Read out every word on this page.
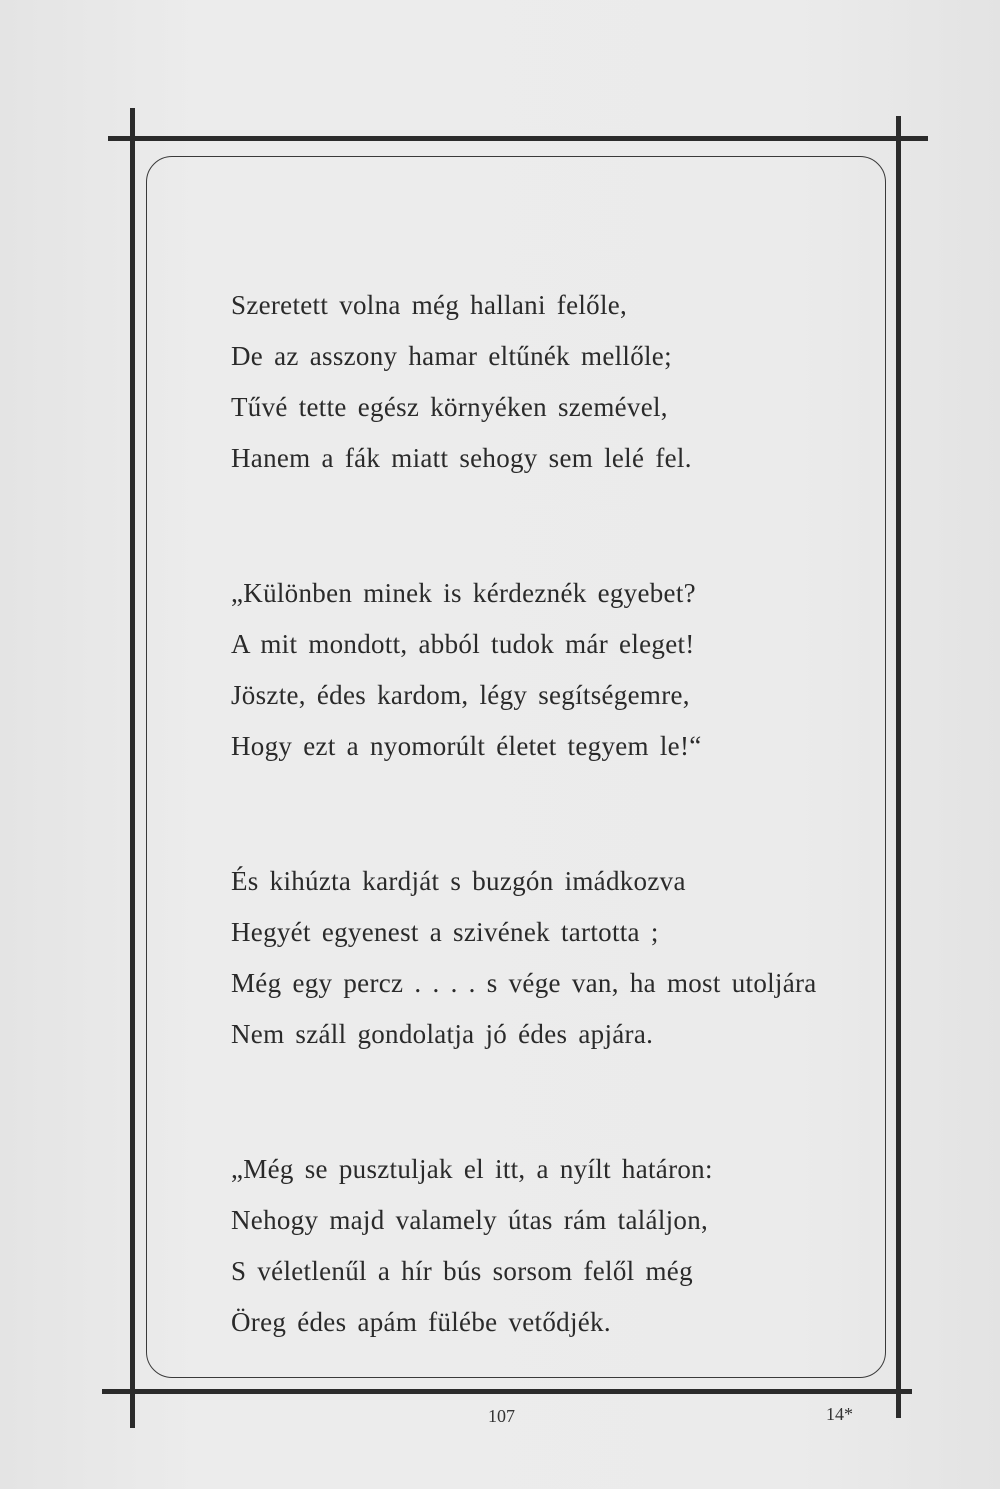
Szeretett volna még hallani felőle,
De az asszony hamar eltűnék mellőle;
Tűvé tette egész környéken szemével,
Hanem a fák miatt sehogy sem lelé fel.
„Különben minek is kérdeznék egyebet?
A mit mondott, abból tudok már eleget!
Jöszte, édes kardom, légy segítségemre,
Hogy ezt a nyomorúlt életet tegyem le!“
És kihúzta kardját s buzgón imádkozva
Hegyét egyenest a szivének tartotta ;
Még egy percz . . . . s vége van, ha most utoljára
Nem száll gondolatja jó édes apjára.
„Még se pusztuljak el itt, a nyílt határon:
Nehogy majd valamely útas rám találjon,
S véletlenűl a hír bús sorsom felől még
Öreg édes apám fülébe vetődjék.
107	14*
